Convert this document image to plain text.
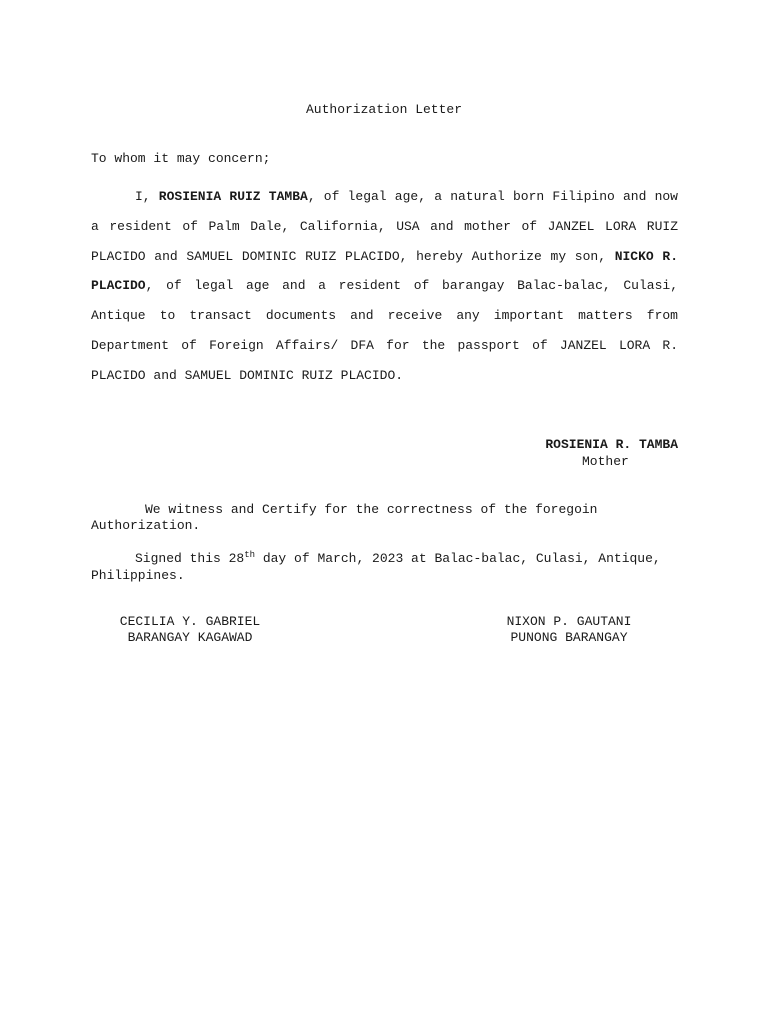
Authorization Letter

To whom it may concern;

I, ROSIENIA RUIZ TAMBA, of legal age, a natural born Filipino and now a resident of Palm Dale, California, USA and mother of JANZEL LORA RUIZ PLACIDO and SAMUEL DOMINIC RUIZ PLACIDO, hereby Authorize my son, NICKO R. PLACIDO, of legal age and a resident of barangay Balac-balac, Culasi, Antique to transact documents and receive any important matters from Department of Foreign Affairs/ DFA for the passport of JANZEL LORA R. PLACIDO and SAMUEL DOMINIC RUIZ PLACIDO.

ROSIENIA R. TAMBA

Mother

We witness and Certify for the correctness of the foregoin Authorization.

Signed this 28th day of March, 2023 at Balac-balac, Culasi, Antique, Philippines.

CECILIA Y. GABRIEL
BARANGAY KAGAWAD
NIXON P. GAUTANI
PUNONG BARANGAY
